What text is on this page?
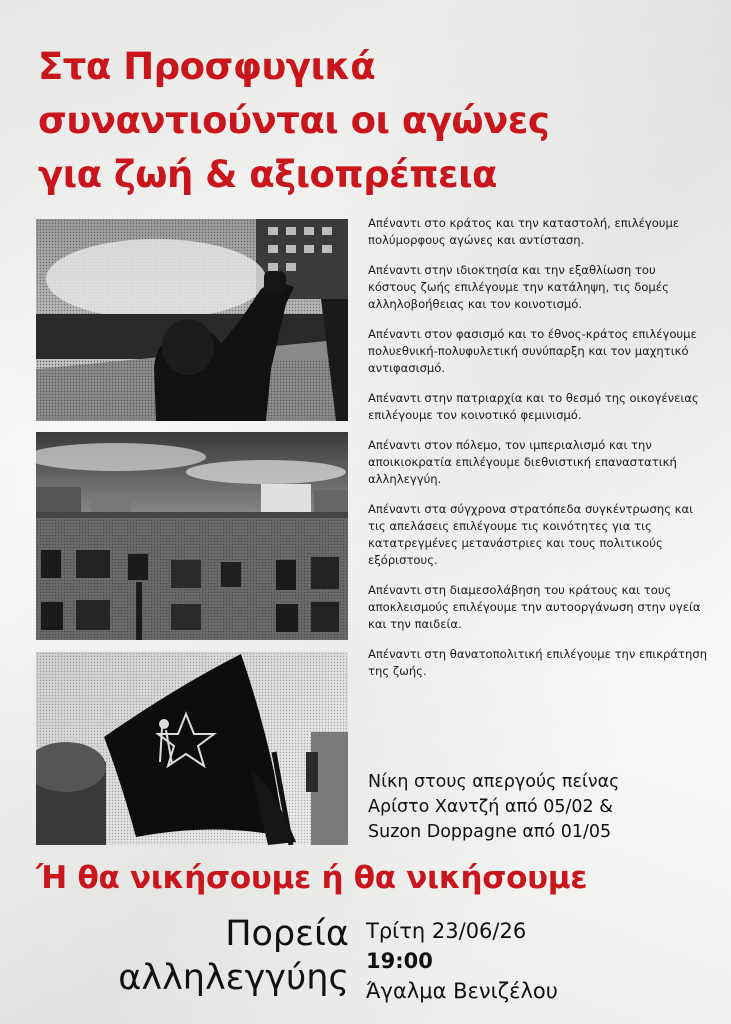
Στα Προσφυγικά
συναντιούνται οι αγώνες
για ζωή & αξιοπρέπεια

Απέναντι στο κράτος και την καταστολή, επιλέγουμε πολύμορφους αγώνες και αντίσταση.

Απέναντι στην ιδιοκτησία και την εξαθλίωση του κόστους ζωής επιλέγουμε την κατάληψη, τις δομές αλληλοβοήθειας και τον κοινοτισμό.

Απέναντι στον φασισμό και το έθνος-κράτος επιλέγουμε πολυεθνική-πολυφυλετική συνύπαρξη και τον μαχητικό αντιφασισμό.

Απέναντι στην πατριαρχία και το θεσμό της οικογένειας επιλέγουμε τον κοινοτικό φεμινισμό.

Απέναντι στον πόλεμο, τον ιμπεριαλισμό και την αποικιοκρατία επιλέγουμε διεθνιστική επαναστατική αλληλεγγύη.

Απέναντι στα σύγχρονα στρατόπεδα συγκέντρωσης και τις απελάσεις επιλέγουμε τις κοινότητες για τις κατατρεγμένες μετανάστριες και τους πολιτικούς εξόριστους.

Απέναντι στη διαμεσολάβηση του κράτους και τους αποκλεισμούς επιλέγουμε την αυτοοργάνωση στην υγεία και την παιδεία.

Απέναντι στη θανατοπολιτική επιλέγουμε την επικράτηση της ζωής.

Νίκη στους απεργούς πείνας
Αρίστο Χαντζή από 05/02 &
Suzon Doppagne από 01/05
Ή θα νικήσουμε ή θα νικήσουμε
Πορεία
αλληλεγγύης
Τρίτη 23/06/26
19:00
Άγαλμα Βενιζέλου
